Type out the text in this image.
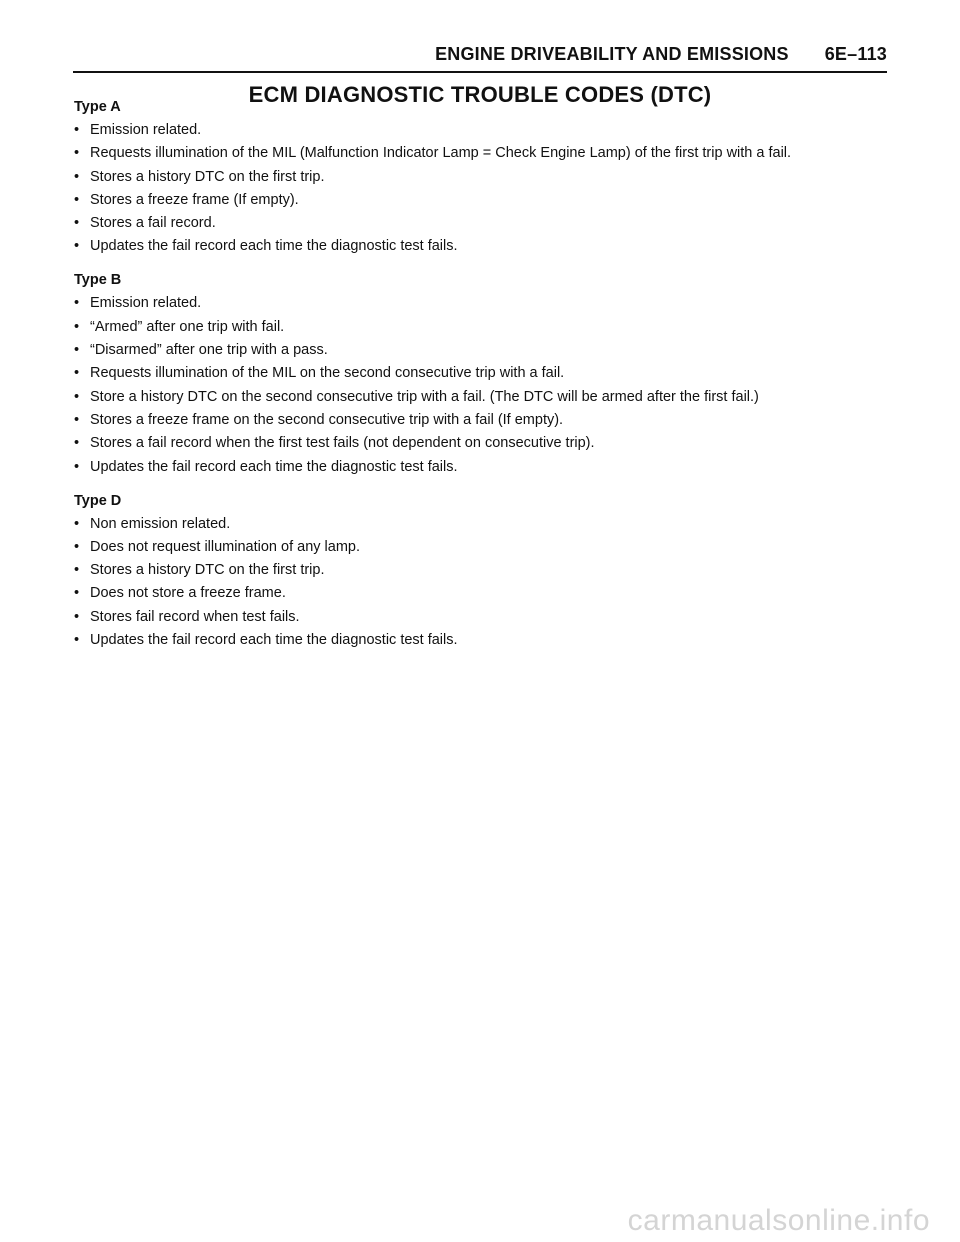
ENGINE DRIVEABILITY AND EMISSIONS 6E–113
ECM DIAGNOSTIC TROUBLE CODES (DTC)
Type A
• Emission related.
• Requests illumination of the MIL (Malfunction Indicator Lamp = Check Engine Lamp) of the first trip with a fail.
• Stores a history DTC on the first trip.
• Stores a freeze frame (If empty).
• Stores a fail record.
• Updates the fail record each time the diagnostic test fails.
Type B
• Emission related.
• “Armed” after one trip with fail.
• “Disarmed” after one trip with a pass.
• Requests illumination of the MIL on the second consecutive trip with a fail.
• Store a history DTC on the second consecutive trip with a fail. (The DTC will be armed after the first fail.)
• Stores a freeze frame on the second consecutive trip with a fail (If empty).
• Stores a fail record when the first test fails (not dependent on consecutive trip).
• Updates the fail record each time the diagnostic test fails.
Type D
• Non emission related.
• Does not request illumination of any lamp.
• Stores a history DTC on the first trip.
• Does not store a freeze frame.
• Stores fail record when test fails.
• Updates the fail record each time the diagnostic test fails.
carmanualsonline.info
